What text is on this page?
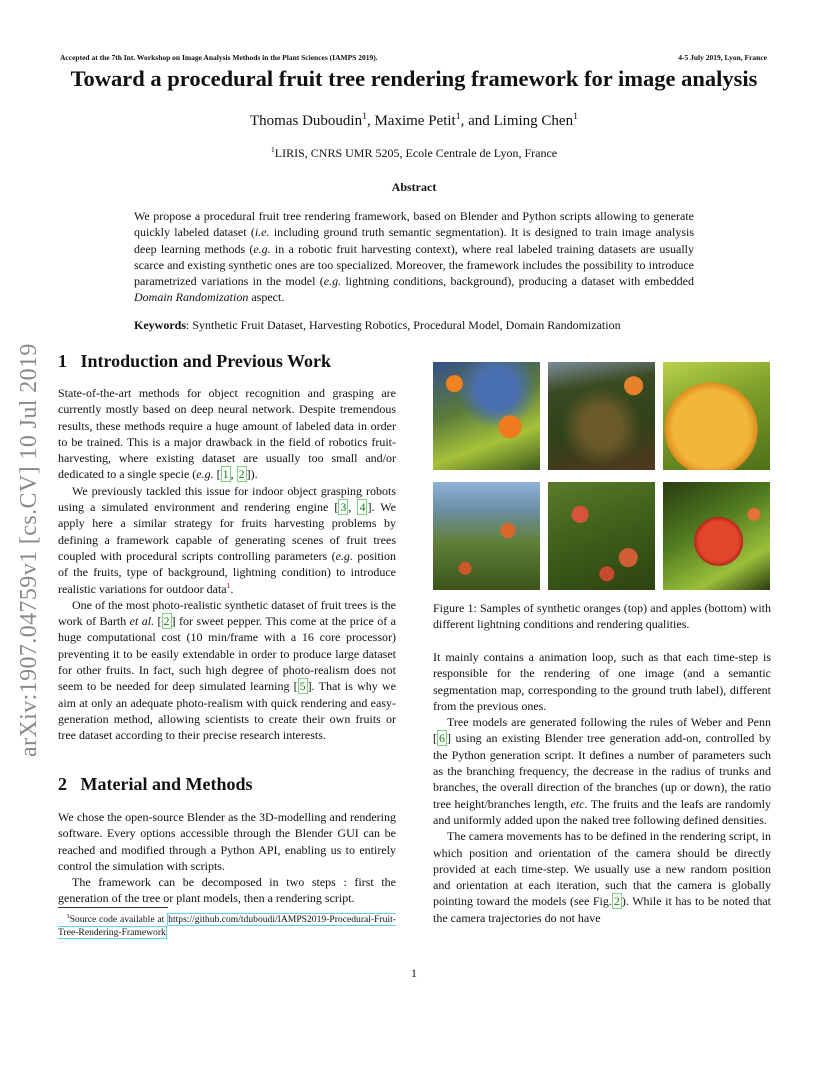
Accepted at the 7th Int. Workshop on Image Analysis Methods in the Plant Sciences (IAMPS 2019).	4-5 July 2019, Lyon, France
Toward a procedural fruit tree rendering framework for image analysis
Thomas Duboudin$^1$, Maxime Petit$^1$, and Liming Chen$^1$
$^1$LIRIS, CNRS UMR 5205, Ecole Centrale de Lyon, France
Abstract
We propose a procedural fruit tree rendering framework, based on Blender and Python scripts allowing to generate quickly labeled dataset (i.e. including ground truth semantic segmentation). It is designed to train image analysis deep learning methods (e.g. in a robotic fruit harvesting context), where real labeled training datasets are usually scarce and existing synthetic ones are too specialized. Moreover, the framework includes the possibility to introduce parametrized variations in the model (e.g. lightning conditions, background), producing a dataset with embedded Domain Randomization aspect.
Keywords: Synthetic Fruit Dataset, Harvesting Robotics, Procedural Model, Domain Randomization
arXiv:1907.04759v1 [cs.CV] 10 Jul 2019 1 Introduction and Previous Work

State-of-the-art methods for object recognition and grasping are currently mostly based on deep neural network. Despite tremendous results, these methods require a huge amount of labeled data in order to be trained. This is a major drawback in the field of robotics fruit-harvesting, where existing dataset are usually too small and/or dedicated to a single specie (e.g. [ 1 , 2 ]).

We previously tackled this issue for indoor object grasping robots using a simulated environment and rendering engine [ 3 , 4 ]. We apply here a similar strategy for fruits harvesting problems by defining a framework capable of generating scenes of fruit trees coupled with procedural scripts controlling parameters (e.g. position of the fruits, type of background, lightning condition) to introduce realistic variations for outdoor data$^1$.

One of the most photo-realistic synthetic dataset of fruit trees is the work of Barth et al. [ 2 ] for sweet pepper. This come at the price of a huge computational cost (10 min/frame with a 16 core processor) preventing it to be easily extendable in order to produce large dataset for other fruits. In fact, such high degree of photo-realism does not seem to be needed for deep simulated learning [ 5 ]. That is why we aim at only an adequate photo-realism with quick rendering and easy-generation method, allowing scientists to create their own fruits or tree dataset according to their precise research interests.

2 Material and Methods

We chose the open-source Blender as the 3D-modelling and rendering software. Every options accessible through the Blender GUI can be reached and modified through a Python API, enabling us to entirely control the simulation with scripts.

The framework can be decomposed in two steps : first the generation of the tree or plant models, then a rendering script.

$^1$Source code available at https://github.com/tduboudi/IAMPS2019-Procedural-Fruit-Tree-Rendering-Framework
Figure 1: Samples of synthetic oranges (top) and apples (bottom) with different lightning conditions and rendering qualities.

It mainly contains a animation loop, such as that each time-step is responsible for the rendering of one image (and a semantic segmentation map, corresponding to the ground truth label), different from the previous ones.

Tree models are generated following the rules of Weber and Penn [ 6 ] using an existing Blender tree generation add-on, controlled by the Python generation script. It defines a number of parameters such as the branching frequency, the decrease in the radius of trunks and branches, the overall direction of the branches (up or down), the ratio tree height/branches length, etc. The fruits and the leafs are randomly and uniformly added upon the naked tree following defined densities.

The camera movements has to be defined in the rendering script, in which position and orientation of the camera should be directly provided at each time-step. We usually use a new random position and orientation at each iteration, such that the camera is globally pointing toward the models (see Fig. 2 ). While it has to be noted that the camera trajectories do not have

1
